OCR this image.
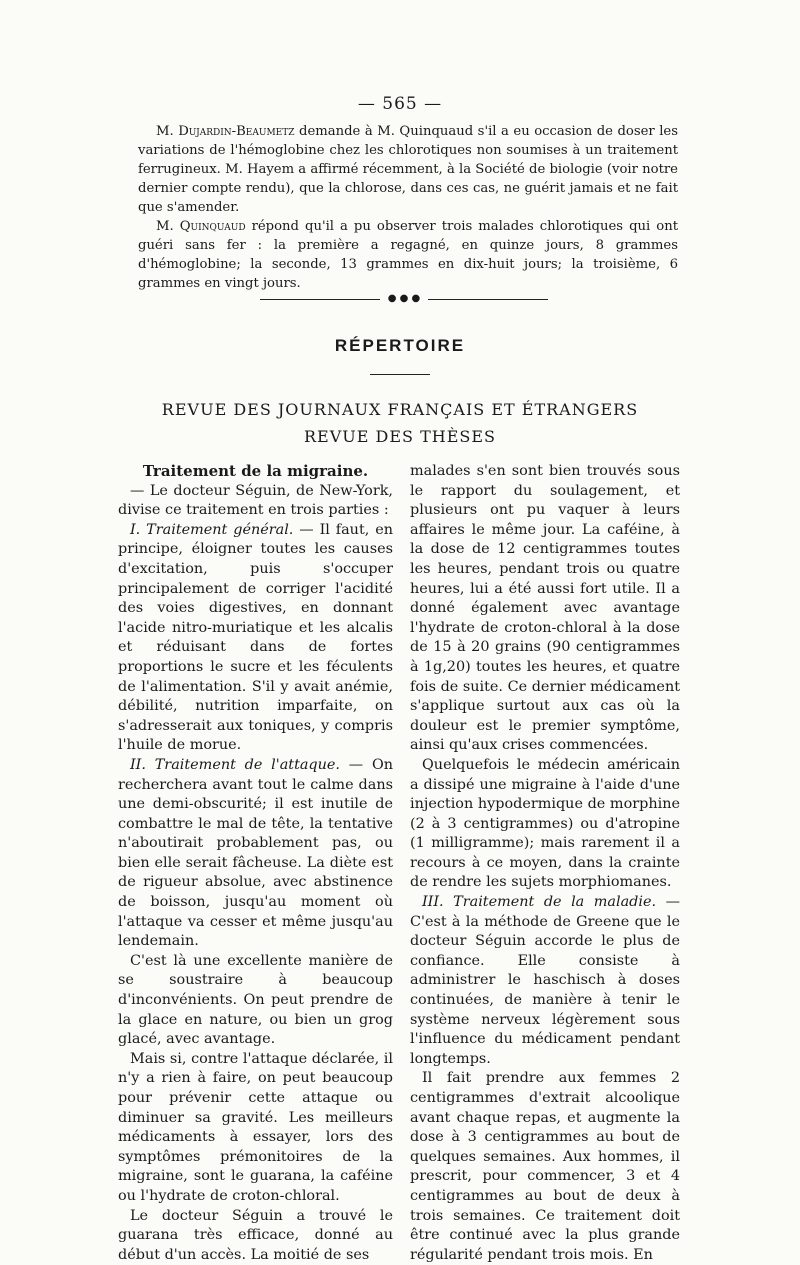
— 565 —

M. Dujardin-Beaumetz demande à M. Quinquaud s'il a eu occasion de doser les variations de l'hémoglobine chez les chlorotiques non soumises à un traitement ferrugineux. M. Hayem a affirmé récemment, à la Société de biologie (voir notre dernier compte rendu), que la chlorose, dans ces cas, ne guérit jamais et ne fait que s'amender.

M. Quinquaud répond qu'il a pu observer trois malades chlorotiques qui ont guéri sans fer : la première a regagné, en quinze jours, 8 grammes d'hémoglobine; la seconde, 13 grammes en dix-huit jours; la troisième, 6 grammes en vingt jours.

● ● ●
RÉPERTOIRE
REVUE DES JOURNAUX FRANÇAIS ET ÉTRANGERS
REVUE DES THÈSES

Traitement de la migraine.

— Le docteur Séguin, de New-York, divise ce traitement en trois parties :

I. Traitement général. — Il faut, en principe, éloigner toutes les causes d'excitation, puis s'occuper principalement de corriger l'acidité des voies digestives, en donnant l'acide nitro-muriatique et les alcalis et réduisant dans de fortes proportions le sucre et les féculents de l'alimentation. S'il y avait anémie, débilité, nutrition imparfaite, on s'adresserait aux toniques, y compris l'huile de morue.

II. Traitement de l'attaque. — On recherchera avant tout le calme dans une demi-obscurité; il est inutile de combattre le mal de tête, la tentative n'aboutirait probablement pas, ou bien elle serait fâcheuse. La diète est de rigueur absolue, avec abstinence de boisson, jusqu'au moment où l'attaque va cesser et même jusqu'au lendemain.

C'est là une excellente manière de se soustraire à beaucoup d'inconvénients. On peut prendre de la glace en nature, ou bien un grog glacé, avec avantage.

Mais si, contre l'attaque déclarée, il n'y a rien à faire, on peut beaucoup pour prévenir cette attaque ou diminuer sa gravité. Les meilleurs médicaments à essayer, lors des symptômes prémonitoires de la migraine, sont le guarana, la caféine ou l'hydrate de croton-chloral.

Le docteur Séguin a trouvé le guarana très efficace, donné au début d'un accès. La moitié de ses

malades s'en sont bien trouvés sous le rapport du soulagement, et plusieurs ont pu vaquer à leurs affaires le même jour. La caféine, à la dose de 12 centigrammes toutes les heures, pendant trois ou quatre heures, lui a été aussi fort utile. Il a donné également avec avantage l'hydrate de croton-chloral à la dose de 15 à 20 grains (90 centigrammes à 1g,20) toutes les heures, et quatre fois de suite. Ce dernier médicament s'applique surtout aux cas où la douleur est le premier symptôme, ainsi qu'aux crises commencées.

Quelquefois le médecin américain a dissipé une migraine à l'aide d'une injection hypodermique de morphine (2 à 3 centigrammes) ou d'atropine (1 milligramme); mais rarement il a recours à ce moyen, dans la crainte de rendre les sujets morphiomanes.

III. Traitement de la maladie. — C'est à la méthode de Greene que le docteur Séguin accorde le plus de confiance. Elle consiste à administrer le haschisch à doses continuées, de manière à tenir le système nerveux légèrement sous l'influence du médicament pendant longtemps.

Il fait prendre aux femmes 2 centigrammes d'extrait alcoolique avant chaque repas, et augmente la dose à 3 centigrammes au bout de quelques semaines. Aux hommes, il prescrit, pour commencer, 3 et 4 centigrammes au bout de deux à trois semaines. Ce traitement doit être continué avec la plus grande régularité pendant trois mois. En
